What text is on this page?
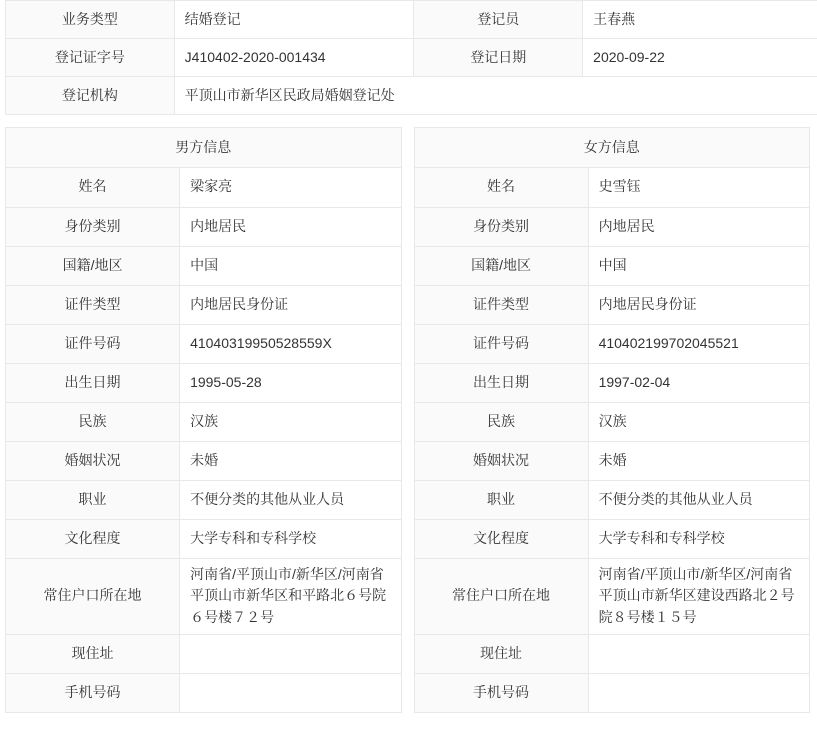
业务类型	结婚登记	登记员	王春燕
登记证字号	J410402-2020-001434	登记日期	2020-09-22
登记机构	平顶山市新华区民政局婚姻登记处		
男方信息
姓名	梁家亮
身份类别	内地居民
国籍/地区	中国
证件类型	内地居民身份证
证件号码	41040319950528559X
出生日期	1995-05-28
民族	汉族
婚姻状况	未婚
职业	不便分类的其他从业人员
文化程度	大学专科和专科学校
常住户口所在地	河南省/平顶山市/新华区/河南省平顶山市新华区和平路北６号院６号楼７２号
现住址	
手机号码	
女方信息
姓名	史雪钰
身份类别	内地居民
国籍/地区	中国
证件类型	内地居民身份证
证件号码	410402199702045521
出生日期	1997-02-04
民族	汉族
婚姻状况	未婚
职业	不便分类的其他从业人员
文化程度	大学专科和专科学校
常住户口所在地	河南省/平顶山市/新华区/河南省平顶山市新华区建设西路北２号院８号楼１５号
现住址	
手机号码	
